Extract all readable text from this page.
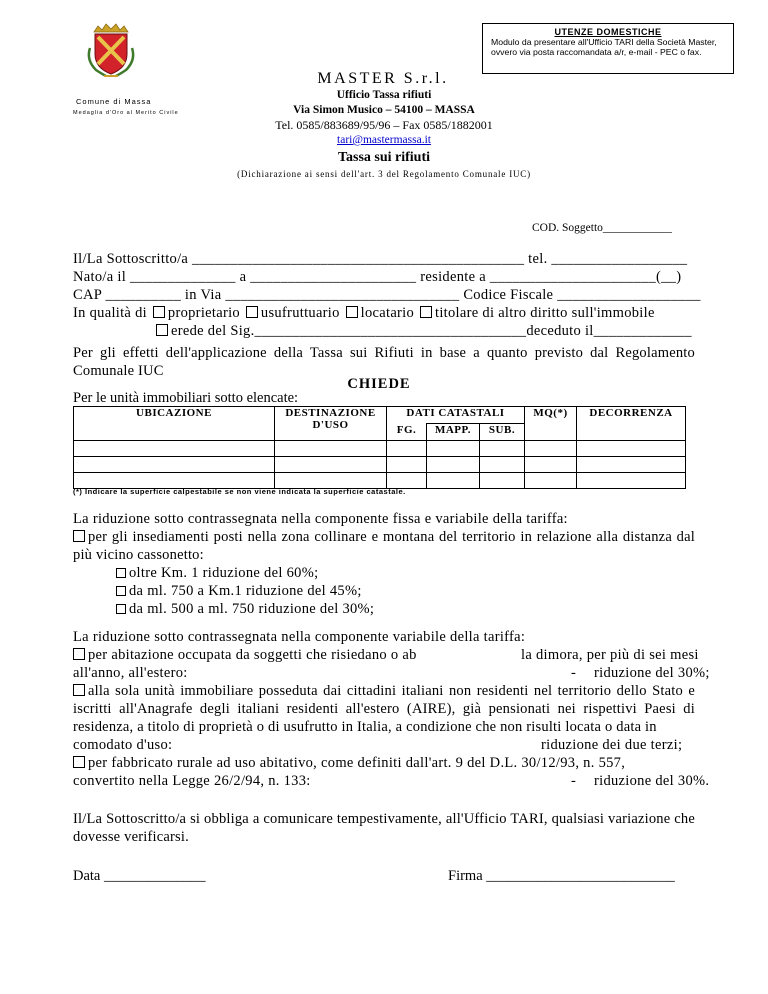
UTENZE DOMESTICHE
Modulo da presentare all'Ufficio TARI della Società Master, ovvero via posta raccomandata a/r, e-mail - PEC o fax.
Comune di Massa
Medaglia d'Oro al Merito Civile
MASTER S.r.l.
Ufficio Tassa rifiuti
Via Simon Musico – 54100 – MASSA
Tel. 0585/883689/95/96 – Fax 0585/1882001
tari@mastermassa.it
Tassa sui rifiuti
(Dichiarazione ai sensi dell'art. 3 del Regolamento Comunale IUC)
COD. Soggetto____________
Il/La Sottoscritto/a ____________________________________________ tel. __________________
Nato/a il ______________ a ______________________ residente a ______________________(__)
CAP __________ in Via _______________________________ Codice Fiscale ___________________
In qualità di proprietario usufruttuario locatario titolare di altro diritto sull'immobile
erede del Sig.____________________________________deceduto il_____________
Per gli effetti dell'applicazione della Tassa sui Rifiuti in base a quanto previsto dal Regolamento Comunale IUC
CHIEDE
Per le unità immobiliari sotto elencate:
UBICAZIONE	DESTINAZIONE
D'USO	DATI CATASTALI			MQ(*)	DECORRENZA
		FG.	MAPP.	SUB.		

(*) Indicare la superficie calpestabile se non viene indicata la superficie catastale.
La riduzione sotto contrassegnata nella componente fissa e variabile della tariffa:
per gli insediamenti posti nella zona collinare e montana del territorio in relazione alla distanza dal più vicino cassonetto:
oltre Km. 1 riduzione del 60%;
da ml. 750 a Km.1 riduzione del 45%;
da ml. 500 a ml. 750 riduzione del 30%;
La riduzione sotto contrassegnata nella componente variabile della tariffa:
per abitazione occupata da soggetti che risiedano o ab	la dimora, per più di sei mesi
all'anno, all'estero:	- riduzione del 30%;
alla sola unità immobiliare posseduta dai cittadini italiani non residenti nel territorio dello Stato e iscritti all'Anagrafe degli italiani residenti all'estero (AIRE), già pensionati nei rispettivi Paesi di residenza, a titolo di proprietà o di usufrutto in Italia, a condizione che non risulti locata o data in
comodato d'uso:	riduzione dei due terzi;
per fabbricato rurale ad uso abitativo, come definiti dall'art. 9 del D.L. 30/12/93, n. 557,
convertito nella Legge 26/2/94, n. 133:	- riduzione del 30%.
Il/La Sottoscritto/a si obbliga a comunicare tempestivamente, all'Ufficio TARI, qualsiasi variazione che dovesse verificarsi.
Data ______________	Firma __________________________
